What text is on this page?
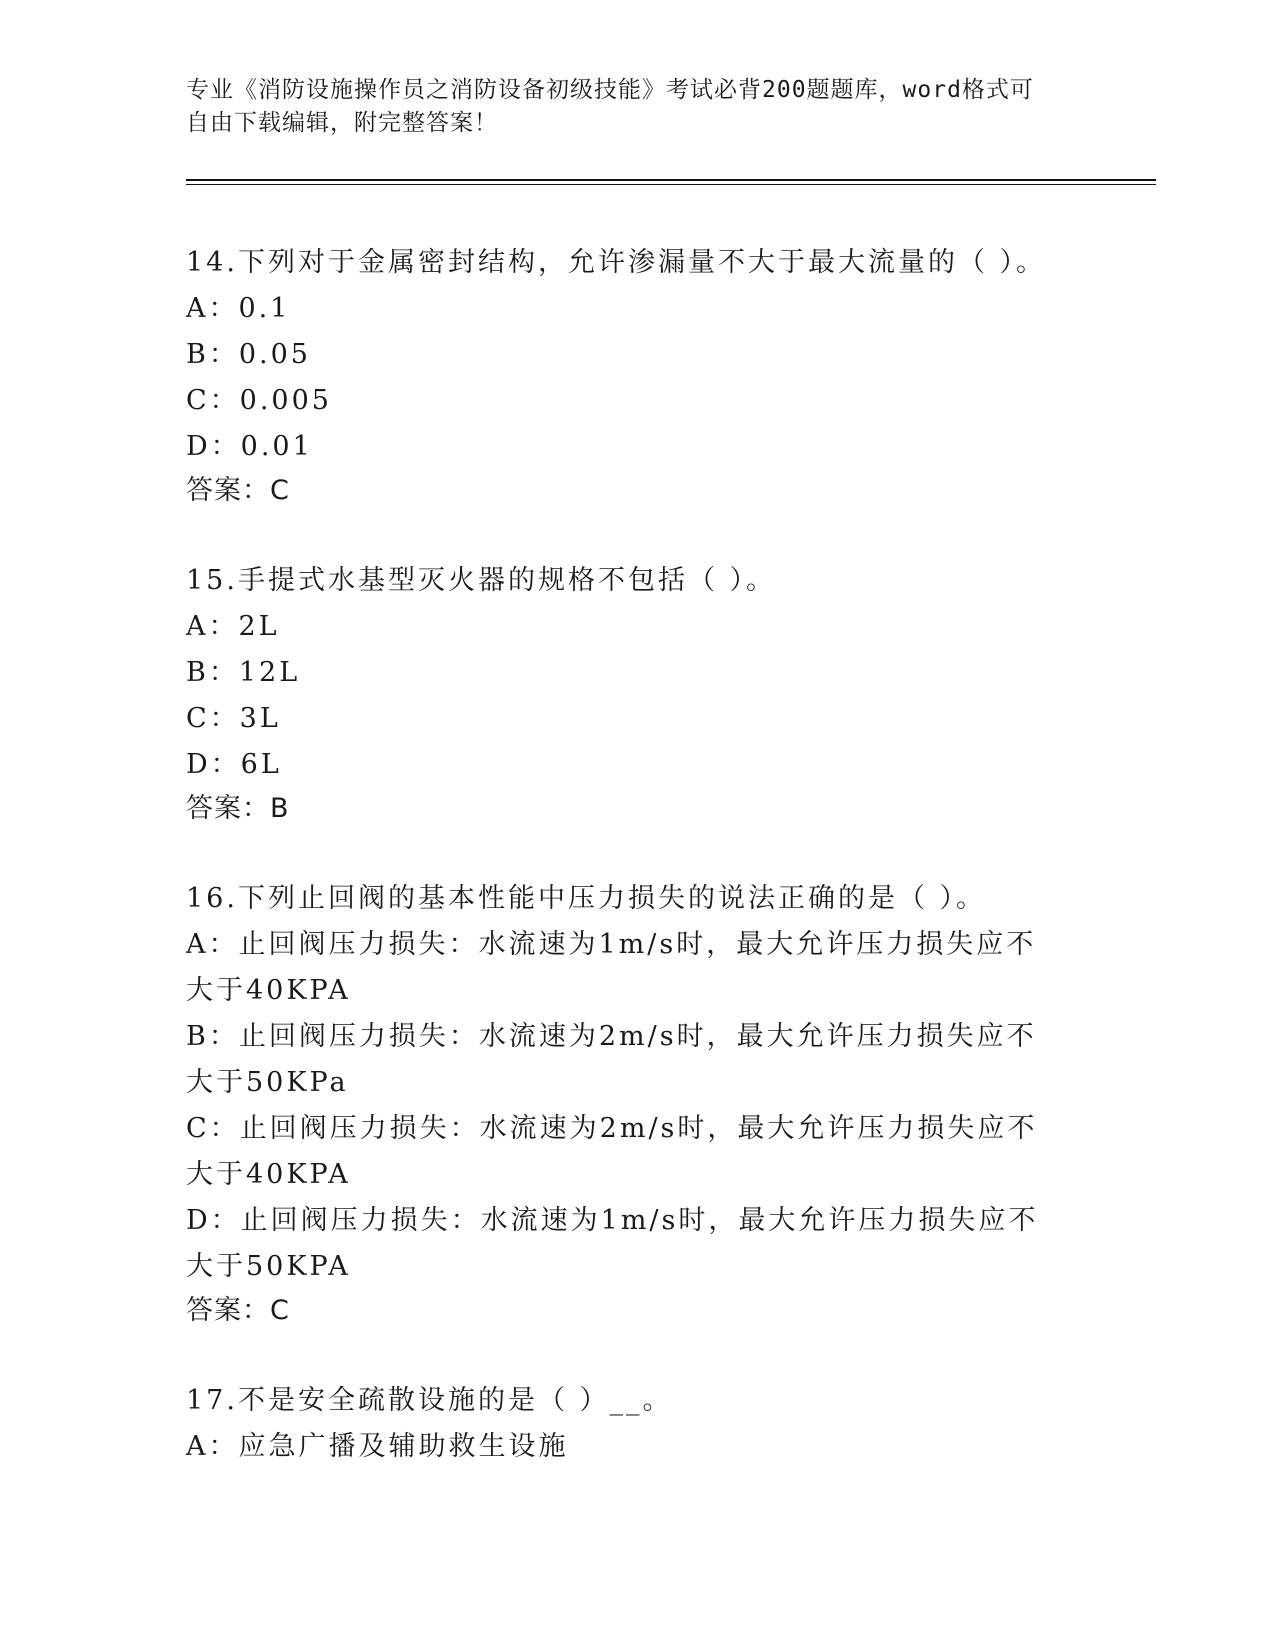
专业《消防设施操作员之消防设备初级技能》考试必背200题题库，word格式可
自由下载编辑，附完整答案！
14.下列对于金属密封结构，允许渗漏量不大于最大流量的（ ）。
A：0.1
B：0.05
C：0.005
D：0.01
答案：C
15.手提式水基型灭火器的规格不包括（ ）。
A：2L
B：12L
C：3L
D：6L
答案：B
16.下列止回阀的基本性能中压力损失的说法正确的是（ ）。
A：止回阀压力损失：水流速为1m/s时，最大允许压力损失应不大于40KPA
B：止回阀压力损失：水流速为2m/s时，最大允许压力损失应不大于50KPa
C：止回阀压力损失：水流速为2m/s时，最大允许压力损失应不大于40KPA
D：止回阀压力损失：水流速为1m/s时，最大允许压力损失应不大于50KPA
答案：C
17.不是安全疏散设施的是（ ）__。
A：应急广播及辅助救生设施
